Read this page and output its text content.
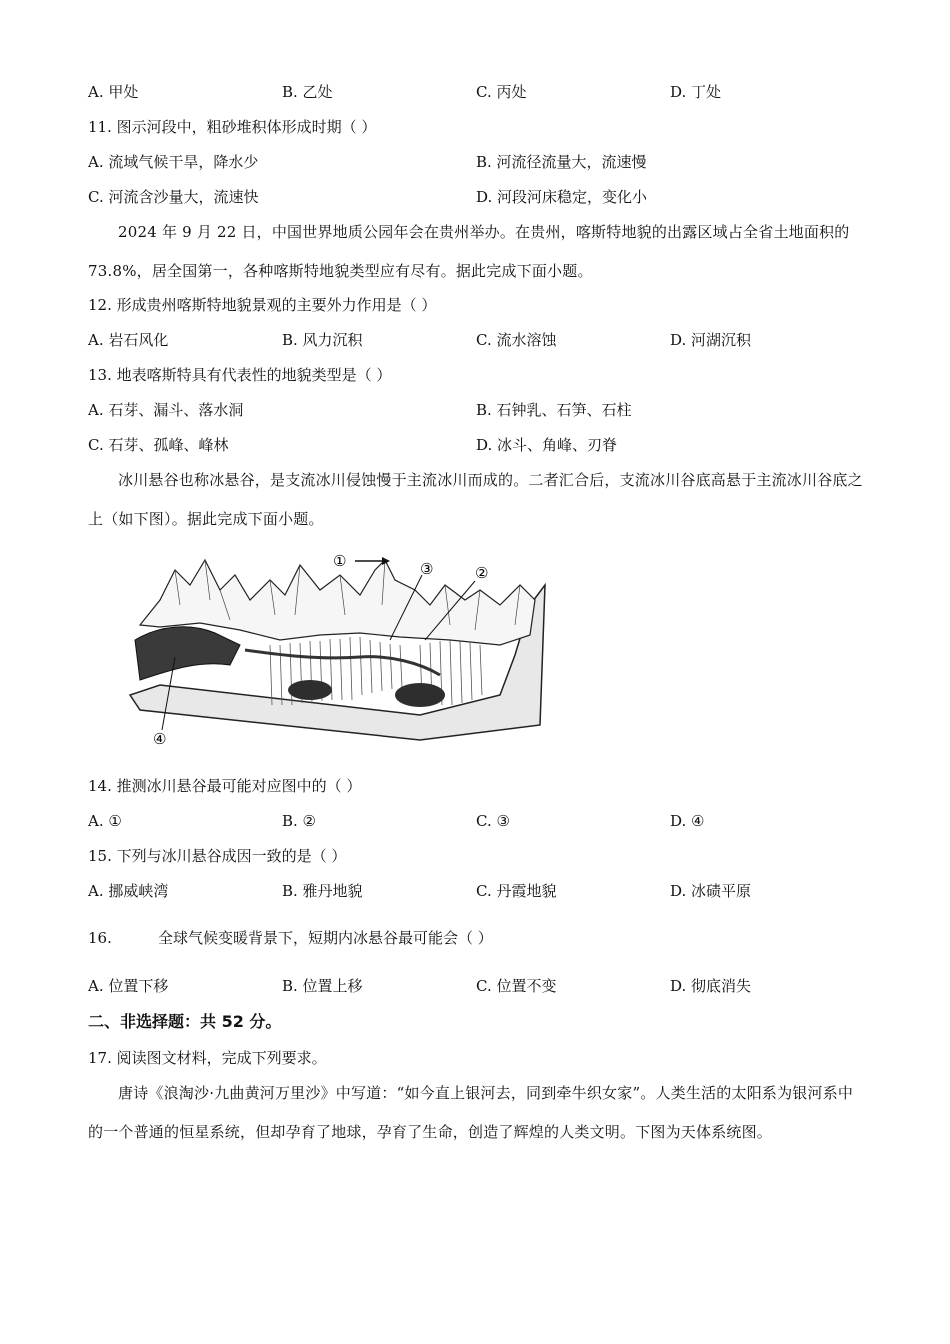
A. 甲处	B. 乙处	C. 丙处	D. 丁处
11. 图示河段中，粗砂堆积体形成时期（ ）
A. 流域气候干旱，降水少	B. 河流径流量大，流速慢
C. 河流含沙量大，流速快	D. 河段河床稳定，变化小
2024 年 9 月 22 日，中国世界地质公园年会在贵州举办。在贵州，喀斯特地貌的出露区域占全省土地面积的 73.8%，居全国第一，各种喀斯特地貌类型应有尽有。据此完成下面小题。
12. 形成贵州喀斯特地貌景观的主要外力作用是（ ）
A. 岩石风化	B. 风力沉积	C. 流水溶蚀	D. 河湖沉积
13. 地表喀斯特具有代表性的地貌类型是（ ）
A. 石芽、漏斗、落水洞	B. 石钟乳、石笋、石柱
C. 石芽、孤峰、峰林	D. 冰斗、角峰、刃脊
冰川悬谷也称冰悬谷，是支流冰川侵蚀慢于主流冰川而成的。二者汇合后，支流冰川谷底高悬于主流冰川谷底之上（如下图）。据此完成下面小题。
①
②
③
④
14. 推测冰川悬谷最可能对应图中的（ ）
A. ①	B. ②	C. ③	D. ④
15. 下列与冰川悬谷成因一致的是（ ）
A. 挪威峡湾	B. 雅丹地貌	C. 丹霞地貌	D. 冰碛平原
16.	全球气候变暖背景下，短期内冰悬谷最可能会（ ）
A. 位置下移	B. 位置上移	C. 位置不变	D. 彻底消失
二、非选择题：共 52 分。
17. 阅读图文材料，完成下列要求。
唐诗《浪淘沙·九曲黄河万里沙》中写道：“如今直上银河去，同到牵牛织女家”。人类生活的太阳系为银河系中的一个普通的恒星系统，但却孕育了地球，孕育了生命，创造了辉煌的人类文明。下图为天体系统图。
